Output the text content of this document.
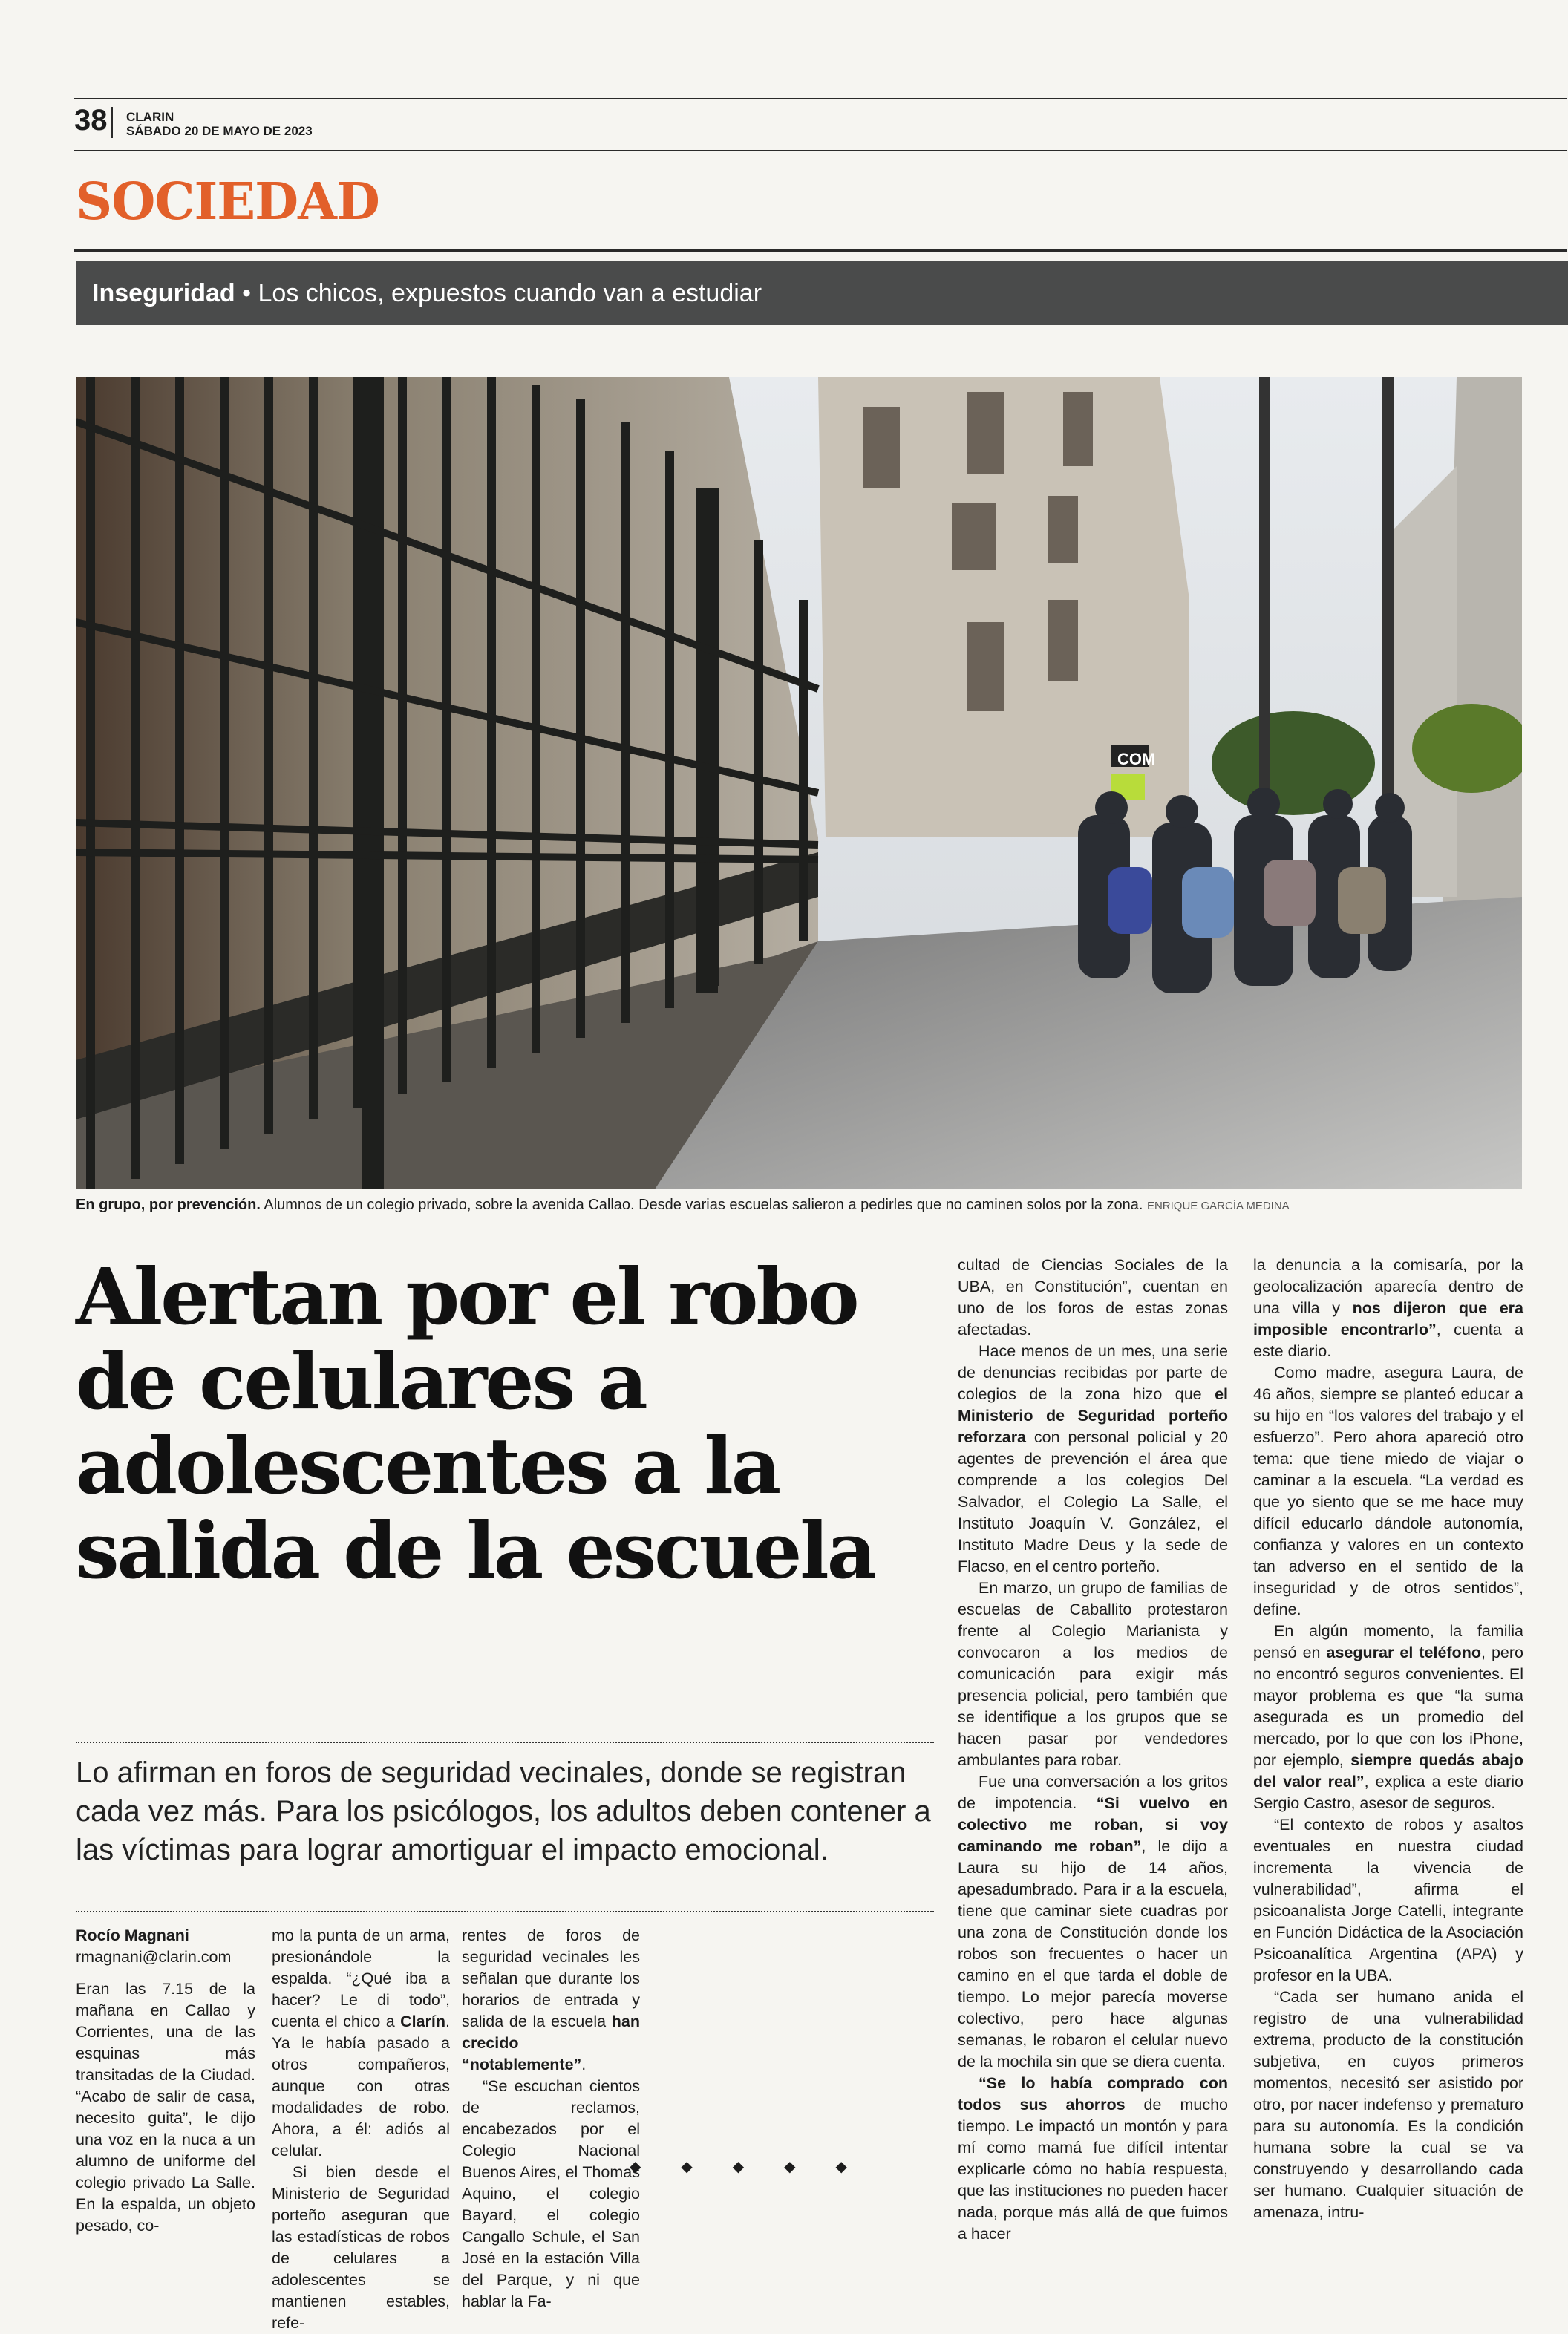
38 CLARIN
SÁBADO 20 DE MAYO DE 2023
SOCIEDAD
Inseguridad • Los chicos, expuestos cuando van a estudiar
COM
En grupo, por prevención. Alumnos de un colegio privado, sobre la avenida Callao. Desde varias escuelas salieron a pedirles que no caminen solos por la zona. ENRIQUE GARCÍA MEDINA
Alertan por el robo de celulares a adolescentes a la salida de la escuela
Lo afirman en foros de seguridad vecinales, donde se registran cada vez más. Para los psicólogos, los adultos deben contener a las víctimas para lograr amortiguar el impacto emocional.
Rocío Magnani
rmagnani@clarin.com

Eran las 7.15 de la mañana en Callao y Corrientes, una de las esquinas más transitadas de la Ciudad. “Acabo de salir de casa, necesito guita”, le dijo una voz en la nuca a un alumno de uniforme del colegio privado La Salle. En la espalda, un objeto pesado, co-

mo la punta de un arma, presionándole la espalda. “¿Qué iba a hacer? Le di todo”, cuenta el chico a Clarín. Ya le había pasado a otros compañeros, aunque con otras modalidades de robo. Ahora, a él: adiós al celular.

Si bien desde el Ministerio de Seguridad porteño aseguran que las estadísticas de robos de celulares a adolescentes se mantienen estables, refe-

rentes de foros de seguridad vecinales les señalan que durante los horarios de entrada y salida de la escuela han crecido “notablemente”.

“Se escuchan cientos de reclamos, encabezados por el Colegio Nacional Buenos Aires, el Thomas Aquino, el colegio Bayard, el colegio Cangallo Schule, el San José en la estación Villa del Parque, y ni que hablar la Fa-

cultad de Ciencias Sociales de la UBA, en Constitución”, cuentan en uno de los foros de estas zonas afectadas.

Hace menos de un mes, una serie de denuncias recibidas por parte de colegios de la zona hizo que el Ministerio de Seguridad porteño reforzara con personal policial y 20 agentes de prevención el área que comprende a los colegios Del Salvador, el Colegio La Salle, el Instituto Joaquín V. González, el Instituto Madre Deus y la sede de Flacso, en el centro porteño.

En marzo, un grupo de familias de escuelas de Caballito protestaron frente al Colegio Marianista y convocaron a los medios de comunicación para exigir más presencia policial, pero también que se identifique a los grupos que se hacen pasar por vendedores ambulantes para robar.

Fue una conversación a los gritos de impotencia. “Si vuelvo en colectivo me roban, si voy caminando me roban”, le dijo a Laura su hijo de 14 años, apesadumbrado. Para ir a la escuela, tiene que caminar siete cuadras por una zona de Constitución donde los robos son frecuentes o hacer un camino en el que tarda el doble de tiempo. Lo mejor parecía moverse colectivo, pero hace algunas semanas, le robaron el celular nuevo de la mochila sin que se diera cuenta.

“Se lo había comprado con todos sus ahorros de mucho tiempo. Le impactó un montón y para mí como mamá fue difícil intentar explicarle cómo no había respuesta, que las instituciones no pueden hacer nada, porque más allá de que fuimos a hacer

la denuncia a la comisaría, por la geolocalización aparecía dentro de una villa y nos dijeron que era imposible encontrarlo”, cuenta a este diario.

Como madre, asegura Laura, de 46 años, siempre se planteó educar a su hijo en “los valores del trabajo y el esfuerzo”. Pero ahora apareció otro tema: que tiene miedo de viajar o caminar a la escuela. “La verdad es que yo siento que se me hace muy difícil educarlo dándole autonomía, confianza y valores en un contexto tan adverso en el sentido de la inseguridad y de otros sentidos”, define.

En algún momento, la familia pensó en asegurar el teléfono, pero no encontró seguros convenientes. El mayor problema es que “la suma asegurada es un promedio del mercado, por lo que con los iPhone, por ejemplo, siempre quedás abajo del valor real”, explica a este diario Sergio Castro, asesor de seguros.

“El contexto de robos y asaltos eventuales en nuestra ciudad incrementa la vivencia de vulnerabilidad”, afirma el psicoanalista Jorge Catelli, integrante en Función Didáctica de la Asociación Psicoanalítica Argentina (APA) y profesor en la UBA.

“Cada ser humano anida el registro de una vulnerabilidad extrema, producto de la constitución subjetiva, en cuyos primeros momentos, necesitó ser asistido por otro, por nacer indefenso y prematuro para su autonomía. Es la condición humana sobre la cual se va construyendo y desarrollando cada ser humano. Cualquier situación de amenaza, intru-

◆◆◆◆◆
